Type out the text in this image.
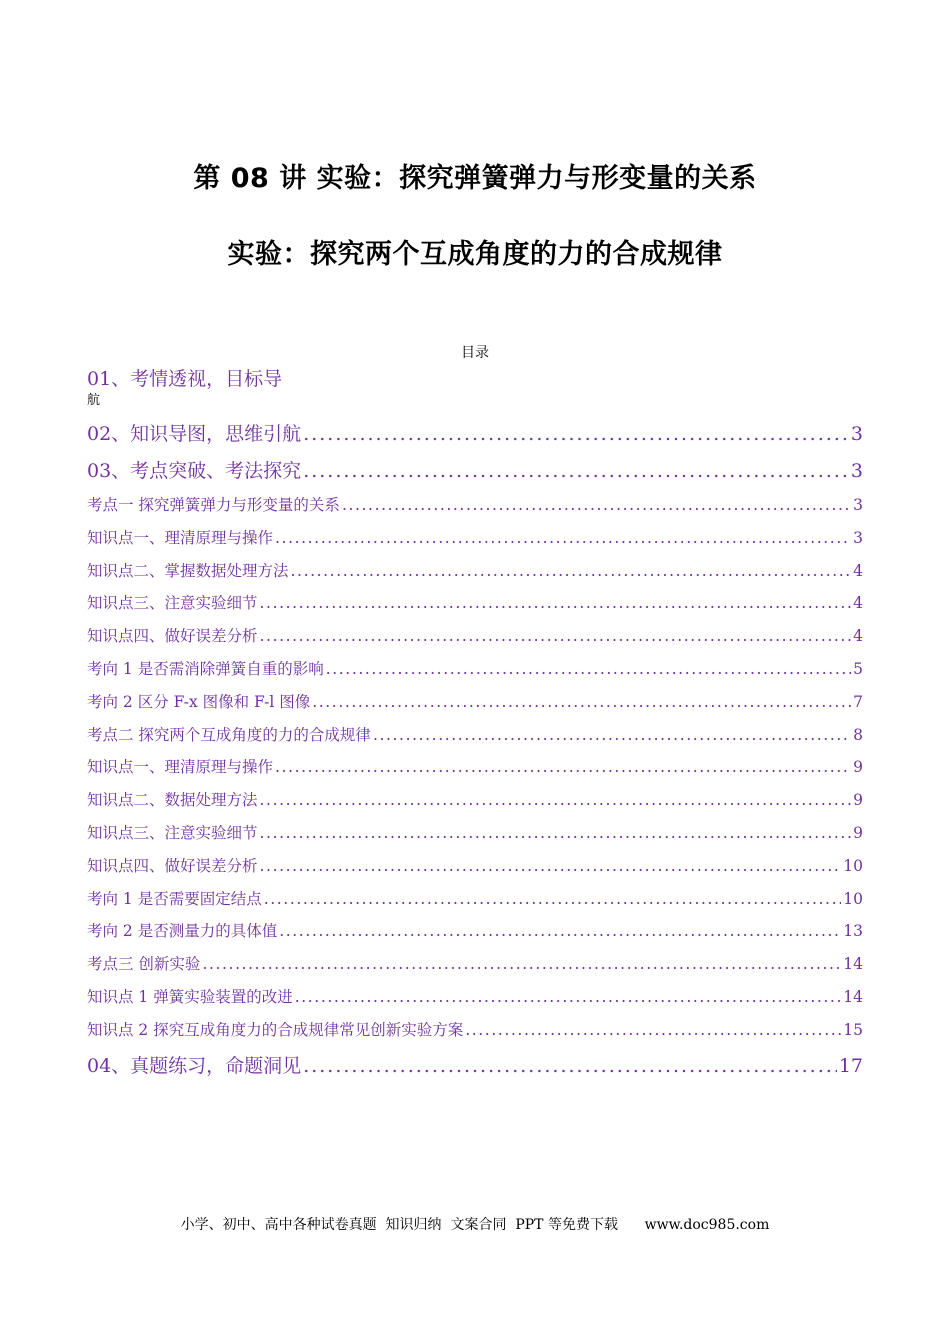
第 08 讲 实验：探究弹簧弹力与形变量的关系
实验：探究两个互成角度的力的合成规律
目录
01、考情透视，目标导
航
02、知识导图，思维引航 .....	3
03、考点突破、考法探究 .....	3
考点一 探究弹簧弹力与形变量的关系 .....	3
知识点一、理清原理与操作 .....	3
知识点二、掌握数据处理方法 .....	4
知识点三、注意实验细节 .....	4
知识点四、做好误差分析 .....	4
考向 1 是否需消除弹簧自重的影响 .....	5
考向 2 区分 F-x 图像和 F-l 图像 .....	7
考点二 探究两个互成角度的力的合成规律 .....	8
知识点一、理清原理与操作 .....	9
知识点二、数据处理方法 .....	9
知识点三、注意实验细节 .....	9
知识点四、做好误差分析 .....	10
考向 1 是否需要固定结点 .....	10
考向 2 是否测量力的具体值 .....	13
考点三 创新实验 .....	14
知识点 1 弹簧实验装置的改进 .....	14
知识点 2 探究互成角度力的合成规律常见创新实验方案 .....	15
04、真题练习，命题洞见 .....	17
小学、初中、高中各种试卷真题  知识归纳  文案合同  PPT 等免费下载      www.doc985.com
